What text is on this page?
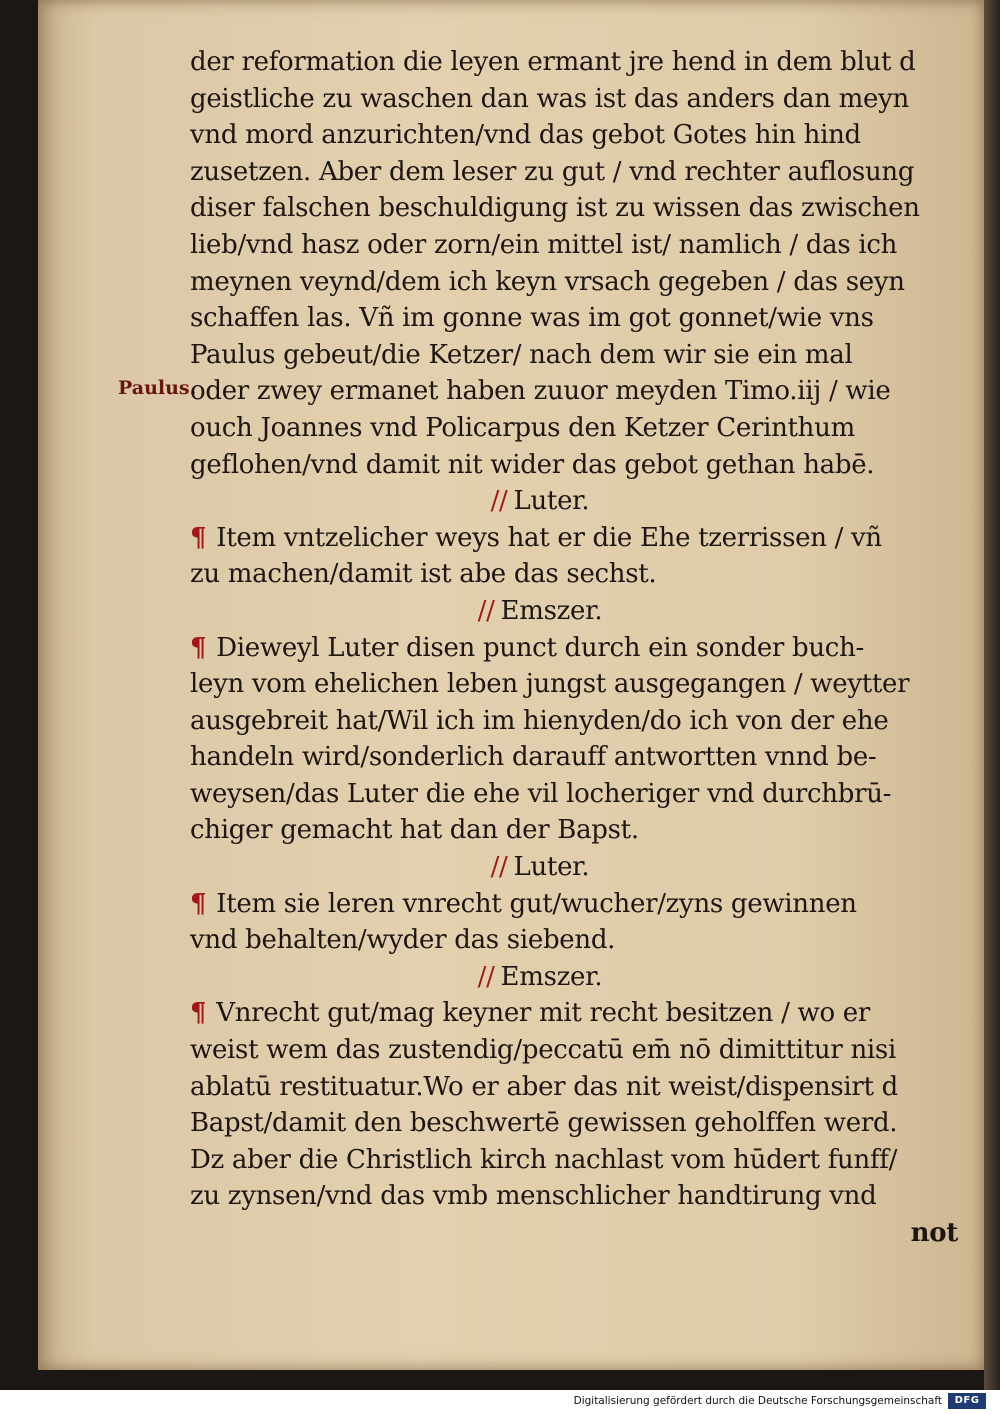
Paulus.
der reformation die leyen ermant jre hend in dem blut d
geistliche zu waschen dan was ist das anders dan meyn
vnd mord anzurichten/vnd das gebot Gotes hin hind
zusetzen. Aber dem leser zu gut / vnd rechter auflosung
diser falschen beschuldigung ist zu wissen das zwischen
lieb/vnd hasz oder zorn/ein mittel ist/ namlich / das ich
meynen veynd/dem ich keyn vrsach gegeben / das seyn
schaffen las. Vñ im gonne was im got gonnet/wie vns
Paulus gebeut/die Ketzer/ nach dem wir sie ein mal
oder zwey ermanet haben zuuor meyden Timo.iij / wie
ouch Joannes vnd Policarpus den Ketzer Cerinthum
geflohen/vnd damit nit wider das gebot gethan habē.
// Luter.
¶ Item vntzelicher weys hat er die Ehe tzerrissen / vñ
zu machen/damit ist abe das sechst.
// Emszer.
¶ Dieweyl Luter disen punct durch ein sonder buch-
leyn vom ehelichen leben jungst ausgegangen / weytter
ausgebreit hat/Wil ich im hienyden/do ich von der ehe
handeln wird/sonderlich darauff antwortten vnnd be-
weysen/das Luter die ehe vil locheriger vnd durchbrū-
chiger gemacht hat dan der Bapst.
// Luter.
¶ Item sie leren vnrecht gut/wucher/zyns gewinnen
vnd behalten/wyder das siebend.
// Emszer.
¶ Vnrecht gut/mag keyner mit recht besitzen / wo er
weist wem das zustendig/peccatū em̄ nō dimittitur nisi
ablatū restituatur.Wo er aber das nit weist/dispensirt d
Bapst/damit den beschwertē gewissen geholffen werd.
Dz aber die Christlich kirch nachlast vom hūdert funff/
zu zynsen/vnd das vmb menschlicher handtirung vnd
not
Digitalisierung gefördert durch die Deutsche Forschungsgemeinschaft	DFG
